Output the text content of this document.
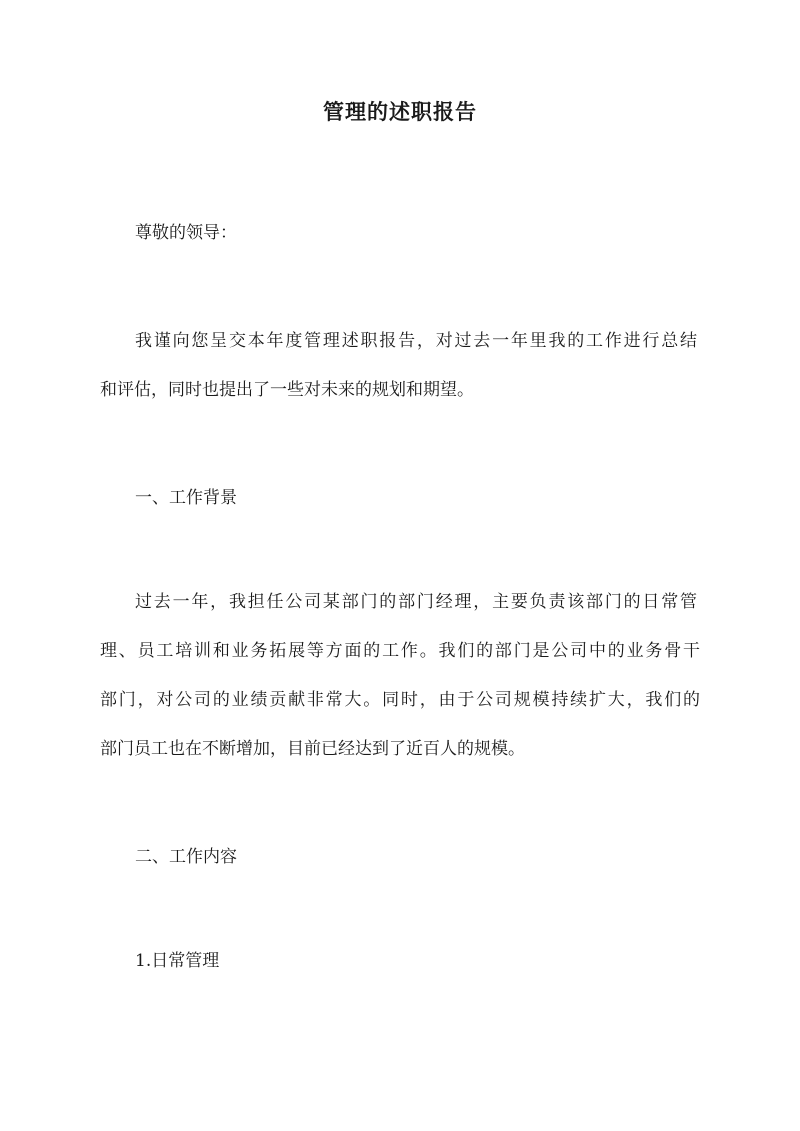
管理的述职报告
尊敬的领导：
我谨向您呈交本年度管理述职报告，对过去一年里我的工作进行总结
和评估，同时也提出了一些对未来的规划和期望。
一、工作背景
过去一年，我担任公司某部门的部门经理，主要负责该部门的日常管
理、员工培训和业务拓展等方面的工作。我们的部门是公司中的业务骨干
部门，对公司的业绩贡献非常大。同时，由于公司规模持续扩大，我们的
部门员工也在不断增加，目前已经达到了近百人的规模。
二、工作内容
1.日常管理
